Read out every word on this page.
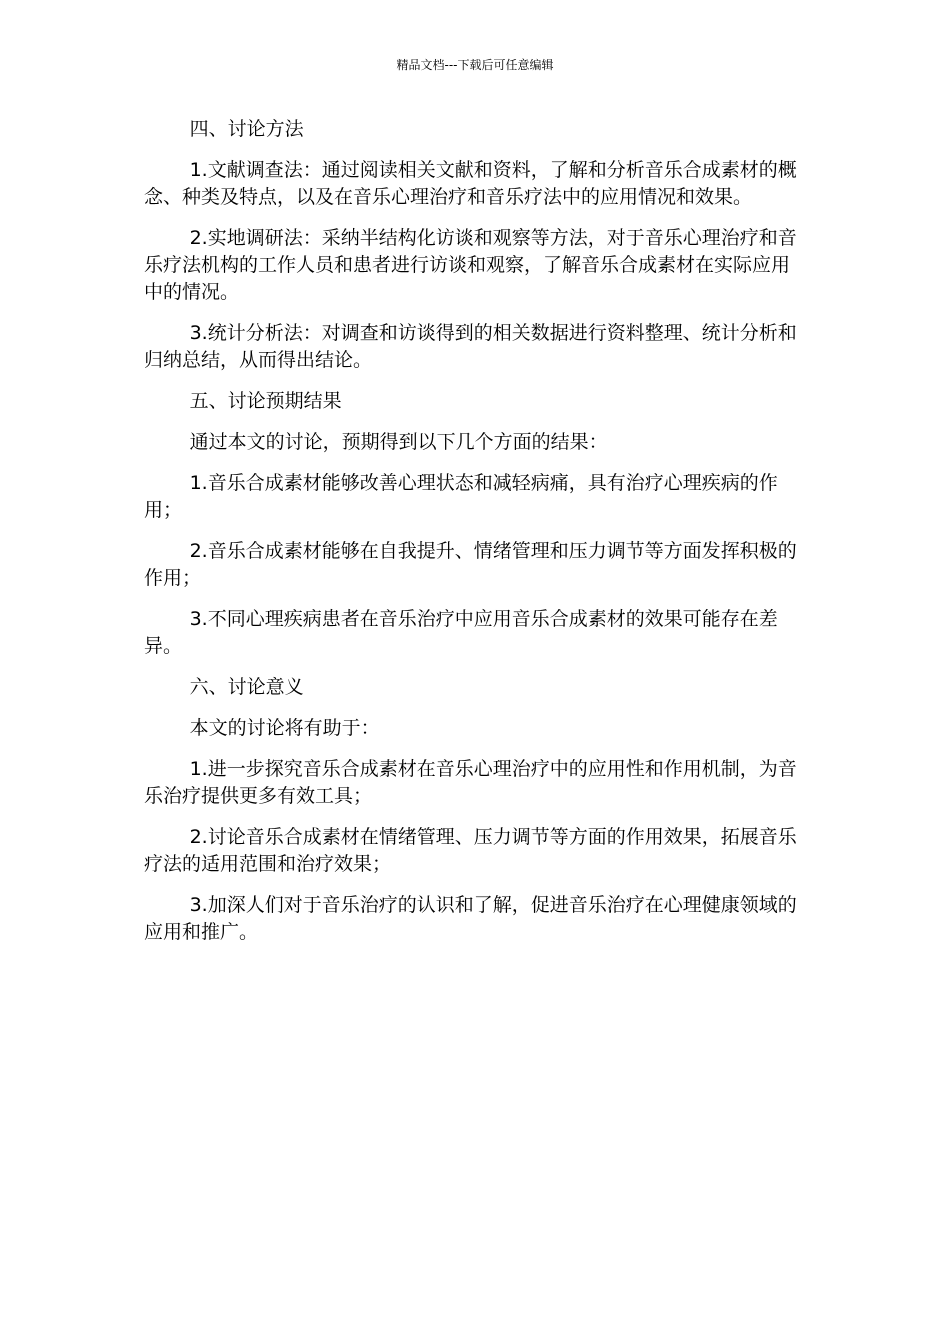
精品文档---下载后可任意编辑

四、讨论方法

1.文献调查法：通过阅读相关文献和资料，了解和分析音乐合成素材的概念、种类及特点，以及在音乐心理治疗和音乐疗法中的应用情况和效果。

2.实地调研法：采纳半结构化访谈和观察等方法，对于音乐心理治疗和音乐疗法机构的工作人员和患者进行访谈和观察，了解音乐合成素材在实际应用中的情况。

3.统计分析法：对调查和访谈得到的相关数据进行资料整理、统计分析和归纳总结，从而得出结论。

五、讨论预期结果

通过本文的讨论，预期得到以下几个方面的结果：

1.音乐合成素材能够改善心理状态和减轻病痛，具有治疗心理疾病的作用；

2.音乐合成素材能够在自我提升、情绪管理和压力调节等方面发挥积极的作用；

3.不同心理疾病患者在音乐治疗中应用音乐合成素材的效果可能存在差异。

六、讨论意义

本文的讨论将有助于：

1.进一步探究音乐合成素材在音乐心理治疗中的应用性和作用机制，为音乐治疗提供更多有效工具；

2.讨论音乐合成素材在情绪管理、压力调节等方面的作用效果，拓展音乐疗法的适用范围和治疗效果；

3.加深人们对于音乐治疗的认识和了解，促进音乐治疗在心理健康领域的应用和推广。
